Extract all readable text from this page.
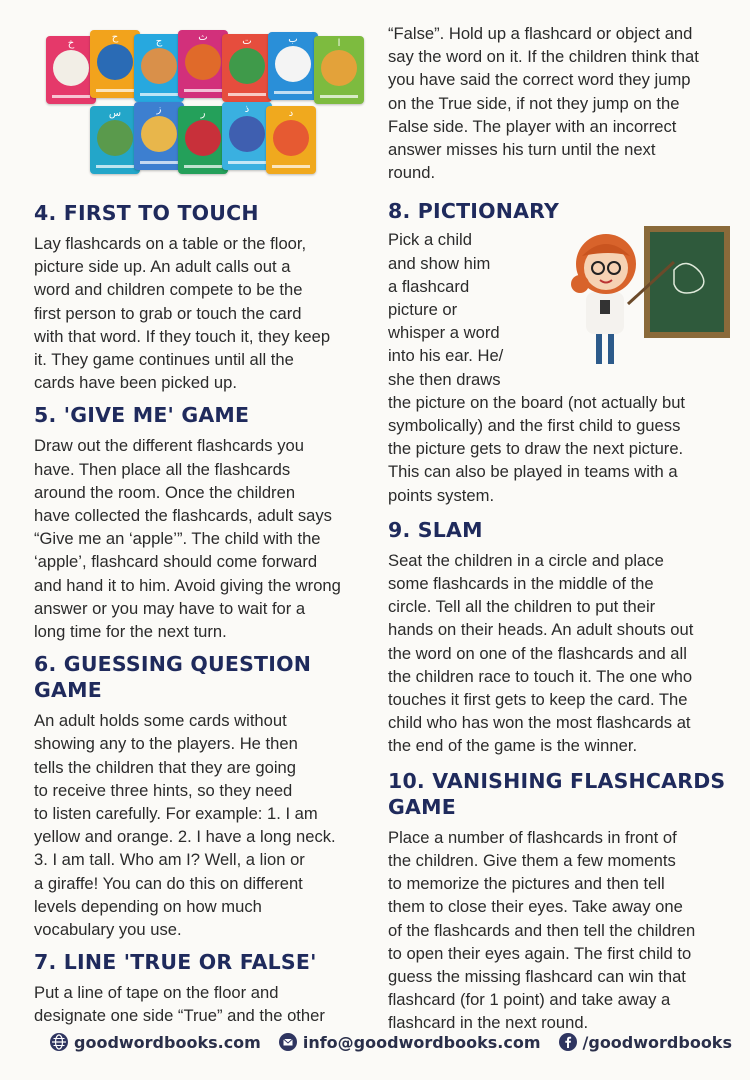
خ
ح	ج	ث	ت	ب	ا
س	ز	ر	ذ	د
4. FIRST TO TOUCH

Lay flashcards on a table or the floor,

picture side up. An adult calls out a

word and children compete to be the

first person to grab or touch the card

with that word. If they touch it, they keep

it. They game continues until all the

cards have been picked up.

5. 'GIVE ME' GAME

Draw out the different flashcards you

have. Then place all the flashcards

around the room. Once the children

have collected the flashcards, adult says

“Give me an ‘apple’”. The child with the

‘apple’, flashcard should come forward

and hand it to him. Avoid giving the wrong

answer or you may have to wait for a

long time for the next turn.

6. GUESSING QUESTION GAME

An adult holds some cards without

showing any to the players. He then

tells the children that they are going

to receive three hints, so they need

to listen carefully. For example: 1. I am

yellow and orange. 2. I have a long neck.

3. I am tall. Who am I? Well, a lion or

a giraffe! You can do this on different

levels depending on how much

vocabulary you use.

7. LINE 'TRUE OR FALSE'

Put a line of tape on the floor and

designate one side “True” and the other

“False”. Hold up a flashcard or object and

say the word on it. If the children think that

you have said the correct word they jump

on the True side, if not they jump on the

False side. The player with an incorrect

answer misses his turn until the next

round.

8. PICTIONARY

Pick a child

and show him

a flashcard

picture or

whisper a word

into his ear. He/

she then draws

the picture on the board (not actually but

symbolically) and the first child to guess

the picture gets to draw the next picture.

This can also be played in teams with a

points system.

9. SLAM

Seat the children in a circle and place

some flashcards in the middle of the

circle. Tell all the children to put their

hands on their heads. An adult shouts out

the word on one of the flashcards and all

the children race to touch it. The one who

touches it first gets to keep the card. The

child who has won the most flashcards at

the end of the game is the winner.

10. VANISHING FLASHCARDS GAME

Place a number of flashcards in front of

the children. Give them a few moments

to memorize the pictures and then tell

them to close their eyes. Take away one

of the flashcards and then tell the children

to open their eyes again. The first child to

guess the missing flashcard can win that

flashcard (for 1 point) and take away a

flashcard in the next round.

goodwordbooks.com	info@goodwordbooks.com	/goodwordbooks
